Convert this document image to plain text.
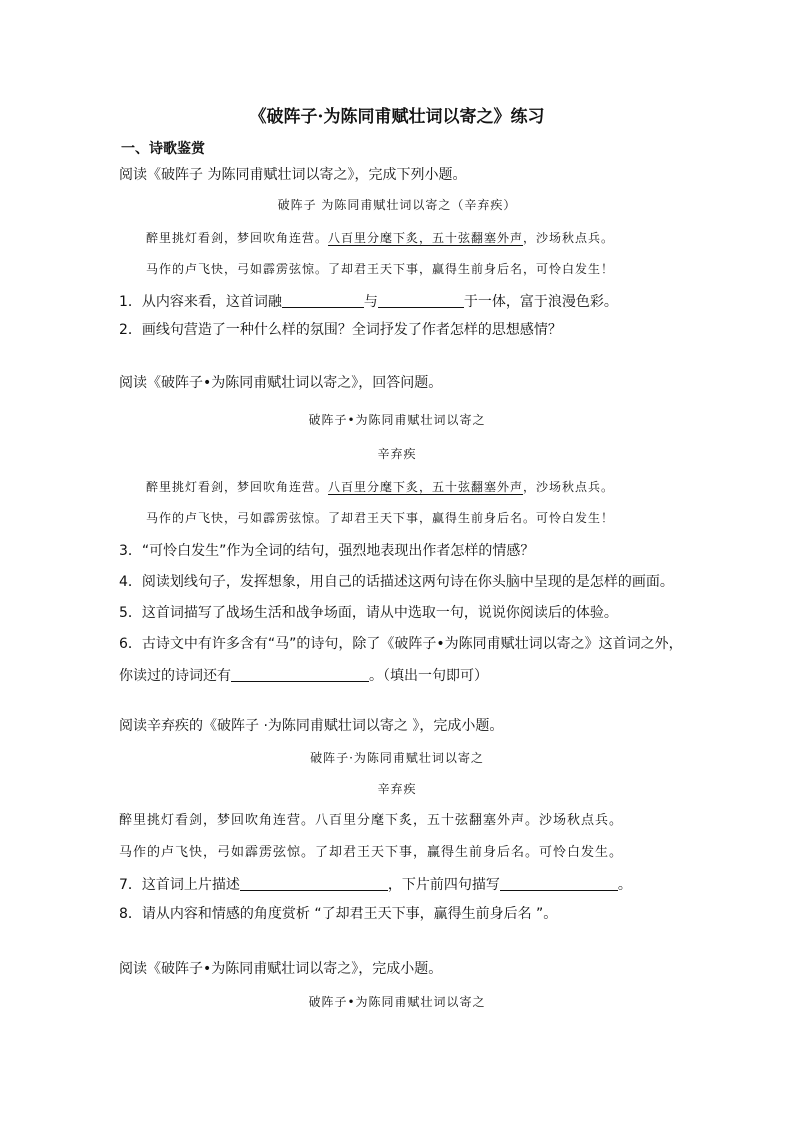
《破阵子·为陈同甫赋壮词以寄之》练习
一、诗歌鉴赏
阅读《破阵子 为陈同甫赋壮词以寄之》，完成下列小题。
破阵子 为陈同甫赋壮词以寄之（辛弃疾）
醉里挑灯看剑，梦回吹角连营。八百里分麾下炙，五十弦翻塞外声，沙场秋点兵。
马作的卢飞快，弓如霹雳弦惊。了却君王天下事，赢得生前身后名，可怜白发生！
1．从内容来看，这首词融	与	于一体，富于浪漫色彩。
2．画线句营造了一种什么样的氛围？全词抒发了作者怎样的思想感情？
阅读《破阵子•为陈同甫赋壮词以寄之》，回答问题。
破阵子•为陈同甫赋壮词以寄之
辛弃疾
醉里挑灯看剑，梦回吹角连营。八百里分麾下炙，五十弦翻塞外声，沙场秋点兵。
马作的卢飞快，弓如霹雳弦惊。了却君王天下事，赢得生前身后名。可怜白发生！
3．“可怜白发生”作为全词的结句，强烈地表现出作者怎样的情感？
4．阅读划线句子，发挥想象，用自己的话描述这两句诗在你头脑中呈现的是怎样的画面。
5．这首词描写了战场生活和战争场面，请从中选取一句，说说你阅读后的体验。
6．古诗文中有许多含有“马”的诗句，除了《破阵子•为陈同甫赋壮词以寄之》这首词之外，
你读过的诗词还有	。（填出一句即可）
阅读辛弃疾的《破阵子 ·为陈同甫赋壮词以寄之 》，完成小题。
破阵子·为陈同甫赋壮词以寄之
辛弃疾
醉里挑灯看剑，梦回吹角连营。八百里分麾下炙，五十弦翻塞外声。沙场秋点兵。
马作的卢飞快，弓如霹雳弦惊。了却君王天下事，赢得生前身后名。可怜白发生。
7．这首词上片描述	，下片前四句描写	。
8．请从内容和情感的角度赏析 “了却君王天下事，赢得生前身后名 ”。
阅读《破阵子•为陈同甫赋壮词以寄之》，完成小题。
破阵子•为陈同甫赋壮词以寄之
